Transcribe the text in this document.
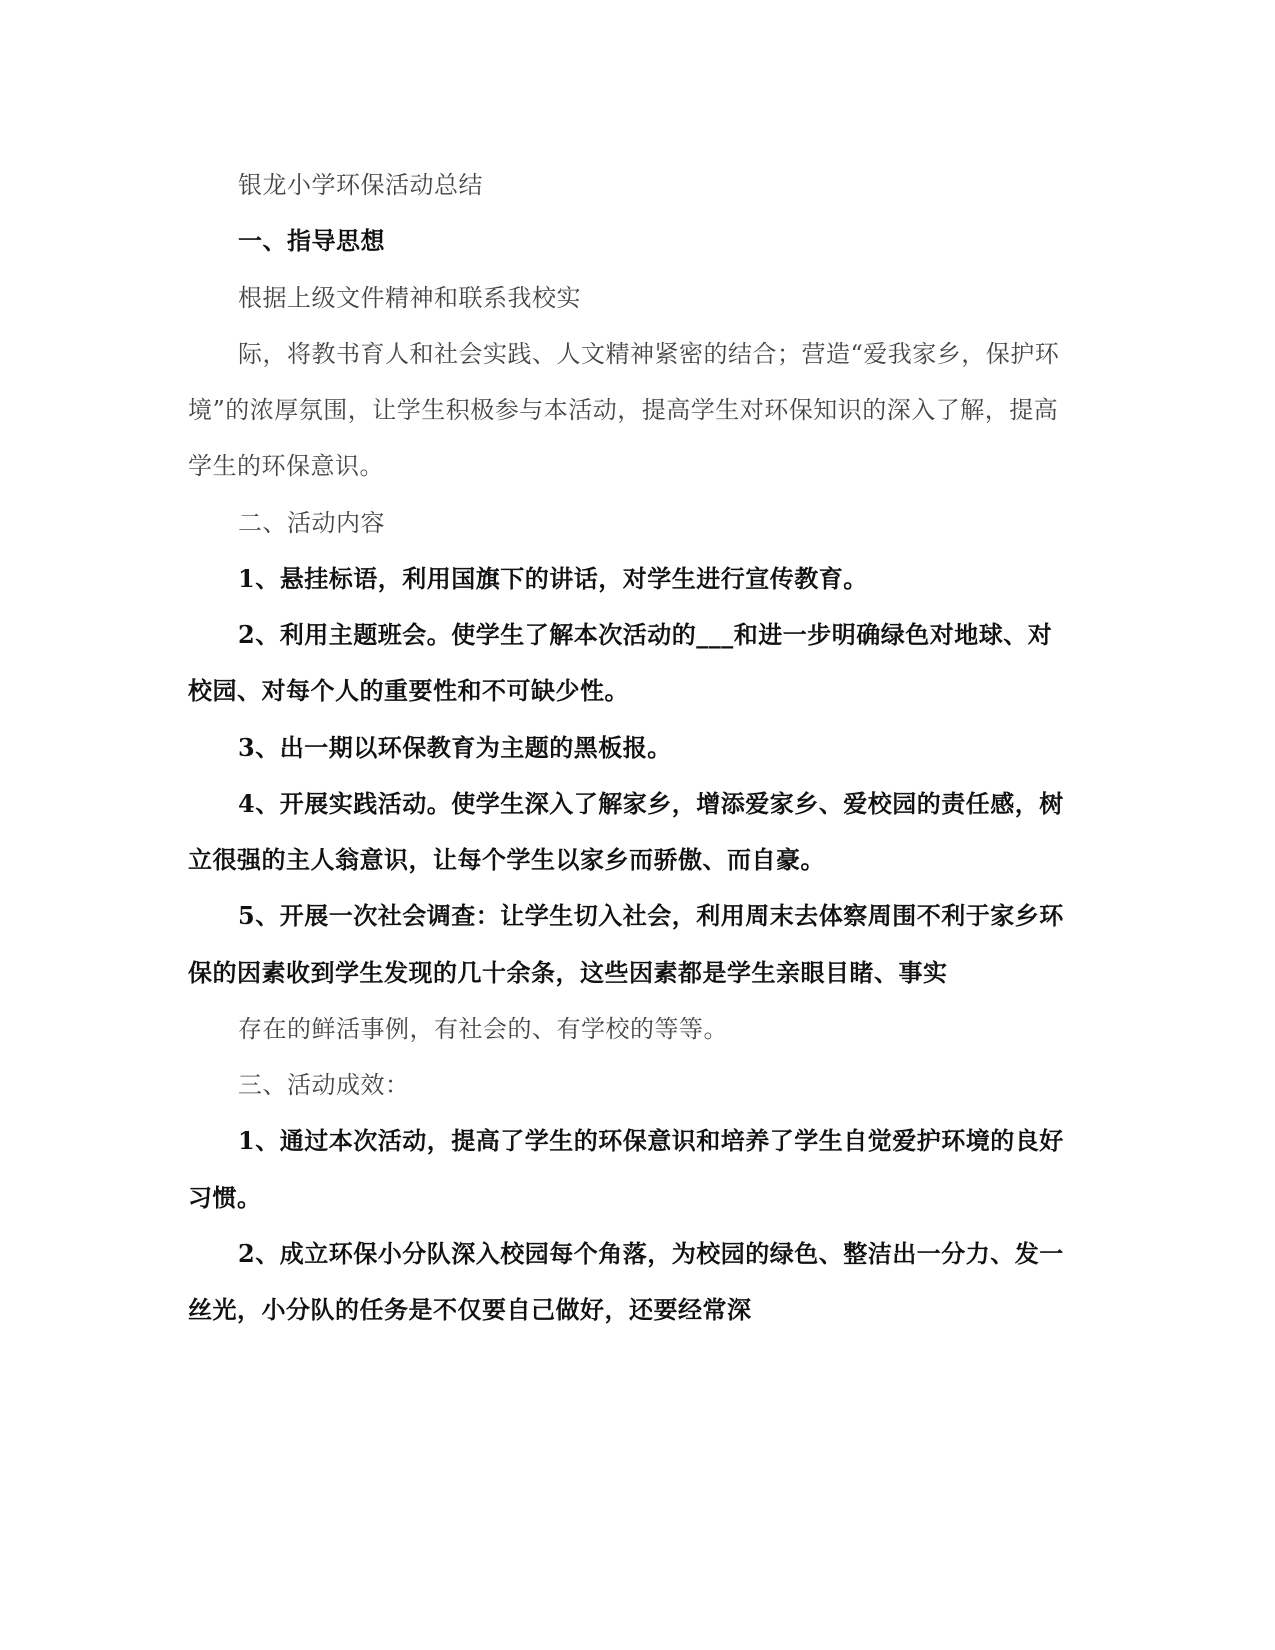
银龙小学环保活动总结

一、指导思想

根据上级文件精神和联系我校实

际，将教书育人和社会实践、人文精神紧密的结合；营造“爱我家乡，保护环

境”的浓厚氛围，让学生积极参与本活动，提高学生对环保知识的深入了解，提高

学生的环保意识。

二、活动内容

1、悬挂标语，利用国旗下的讲话，对学生进行宣传教育。

2、利用主题班会。使学生了解本次活动的___和进一步明确绿色对地球、对

校园、对每个人的重要性和不可缺少性。

3、出一期以环保教育为主题的黑板报。

4、开展实践活动。使学生深入了解家乡，增添爱家乡、爱校园的责任感，树

立很强的主人翁意识，让每个学生以家乡而骄傲、而自豪。

5、开展一次社会调查：让学生切入社会，利用周末去体察周围不利于家乡环

保的因素收到学生发现的几十余条，这些因素都是学生亲眼目睹、事实

存在的鲜活事例，有社会的、有学校的等等。

三、活动成效：

1、通过本次活动，提高了学生的环保意识和培养了学生自觉爱护环境的良好

习惯。

2、成立环保小分队深入校园每个角落，为校园的绿色、整洁出一分力、发一

丝光，小分队的任务是不仅要自己做好，还要经常深
